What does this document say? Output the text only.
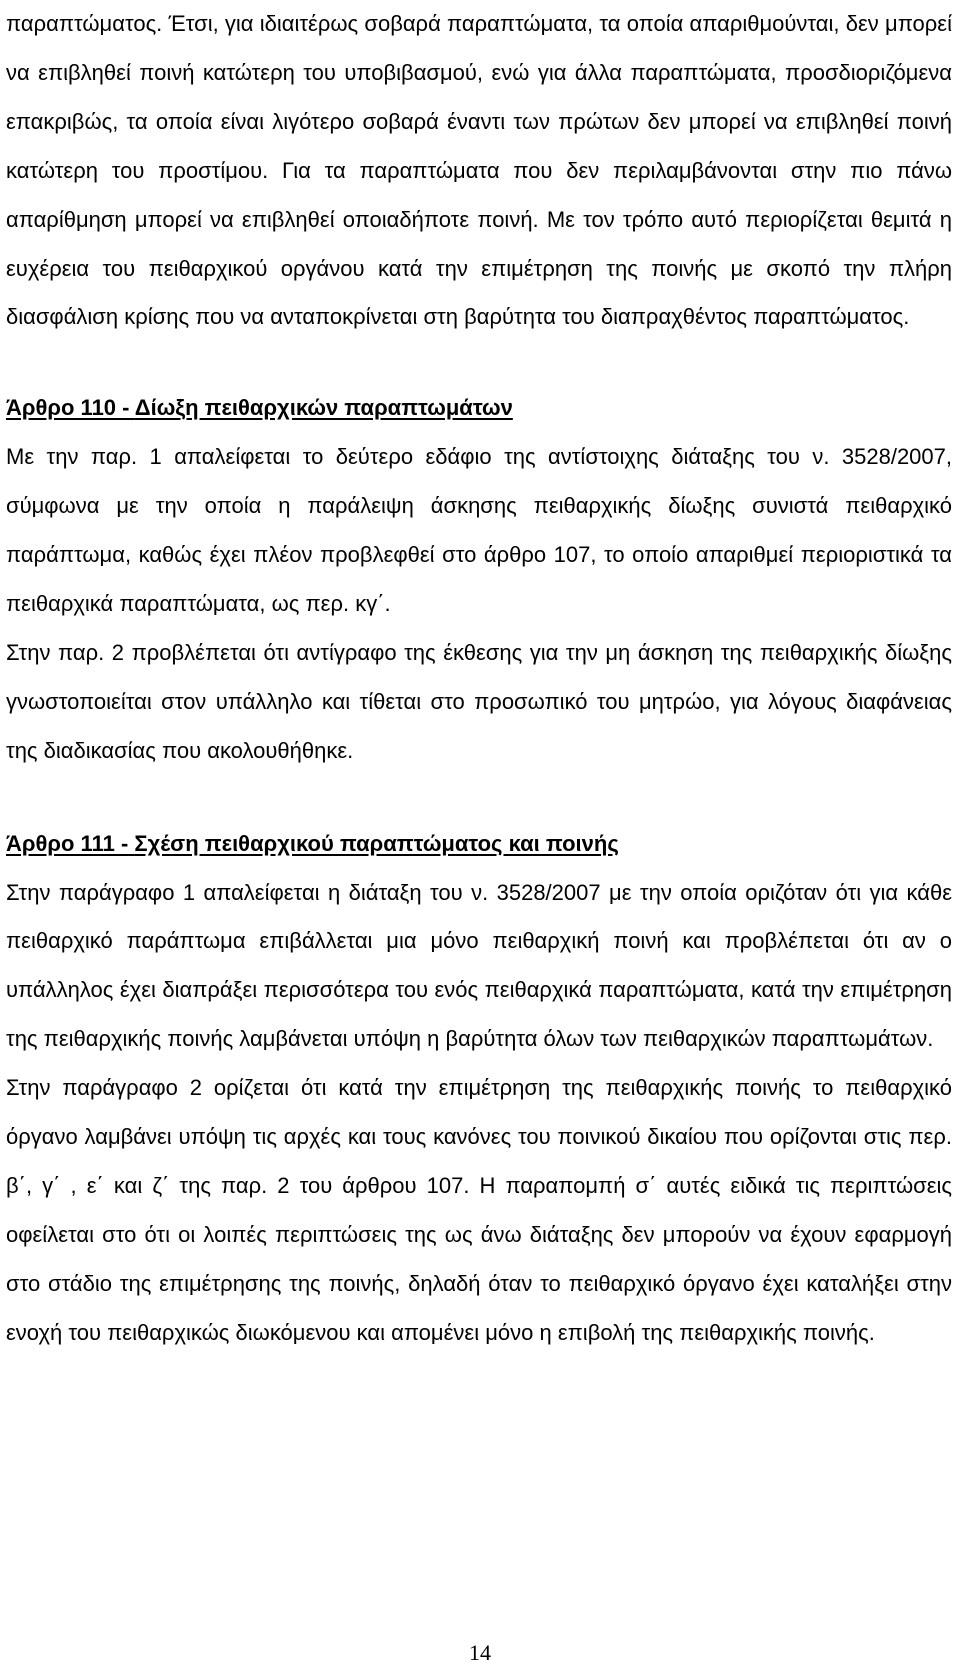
παραπτώματος. Έτσι, για ιδιαιτέρως σοβαρά παραπτώματα, τα οποία απαριθμούνται, δεν μπορεί να επιβληθεί ποινή κατώτερη του υποβιβασμού, ενώ για άλλα παραπτώματα, προσδιοριζόμενα επακριβώς, τα οποία είναι λιγότερο σοβαρά έναντι των πρώτων δεν μπορεί να επιβληθεί ποινή κατώτερη του προστίμου. Για τα παραπτώματα που δεν περιλαμβάνονται στην πιο πάνω απαρίθμηση μπορεί να επιβληθεί οποιαδήποτε ποινή. Με τον τρόπο αυτό περιορίζεται θεμιτά η ευχέρεια του πειθαρχικού οργάνου κατά την επιμέτρηση της ποινής με σκοπό την πλήρη διασφάλιση κρίσης που να ανταποκρίνεται στη βαρύτητα του διαπραχθέντος παραπτώματος.

Άρθρο 110 - Δίωξη πειθαρχικών παραπτωμάτων

Με την παρ. 1 απαλείφεται το δεύτερο εδάφιο της αντίστοιχης διάταξης του ν. 3528/2007, σύμφωνα με την οποία η παράλειψη άσκησης πειθαρχικής δίωξης συνιστά πειθαρχικό παράπτωμα, καθώς έχει πλέον προβλεφθεί στο άρθρο 107, το οποίο απαριθμεί περιοριστικά τα πειθαρχικά παραπτώματα, ως περ. κγ΄.

Στην παρ. 2 προβλέπεται ότι αντίγραφο της έκθεσης για την μη άσκηση της πειθαρχικής δίωξης γνωστοποιείται στον υπάλληλο και τίθεται στο προσωπικό του μητρώο, για λόγους διαφάνειας της διαδικασίας που ακολουθήθηκε.

Άρθρο 111 - Σχέση πειθαρχικού παραπτώματος και ποινής

Στην παράγραφο 1 απαλείφεται η διάταξη του ν. 3528/2007 με την οποία οριζόταν ότι για κάθε πειθαρχικό παράπτωμα επιβάλλεται μια μόνο πειθαρχική ποινή και προβλέπεται ότι αν ο υπάλληλος έχει διαπράξει περισσότερα του ενός πειθαρχικά παραπτώματα, κατά την επιμέτρηση της πειθαρχικής ποινής λαμβάνεται υπόψη η βαρύτητα όλων των πειθαρχικών παραπτωμάτων.

Στην παράγραφο 2 ορίζεται ότι κατά την επιμέτρηση της πειθαρχικής ποινής το πειθαρχικό όργανο λαμβάνει υπόψη τις αρχές και τους κανόνες του ποινικού δικαίου που ορίζονται στις περ. β΄, γ΄ , ε΄ και ζ΄ της παρ. 2 του άρθρου 107. Η παραπομπή σ΄ αυτές ειδικά τις περιπτώσεις οφείλεται στο ότι οι λοιπές περιπτώσεις της ως άνω διάταξης δεν μπορούν να έχουν εφαρμογή στο στάδιο της επιμέτρησης της ποινής, δηλαδή όταν το πειθαρχικό όργανο έχει καταλήξει στην ενοχή του πειθαρχικώς διωκόμενου και απομένει μόνο η επιβολή της πειθαρχικής ποινής.

14
